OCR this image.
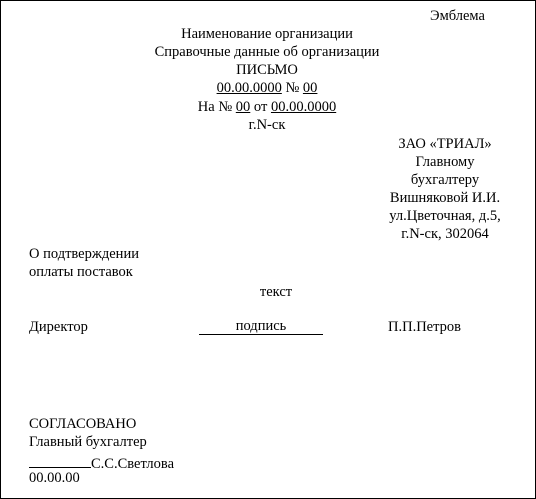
Эмблема
Наименование организации
Справочные данные об организации
ПИСЬМО
00.00.0000 № 00
На № 00 от 00.00.0000
г.N-ск
ЗАО «ТРИАЛ»
Главному
бухгалтеру
Вишняковой И.И.
ул.Цветочная, д.5,
г.N-ск, 302064
О подтверждении
оплаты поставок
текст
Директор	подпись	П.П.Петров
СОГЛАСОВАНО
Главный бухгалтер
С.С.Светлова
00.00.00
